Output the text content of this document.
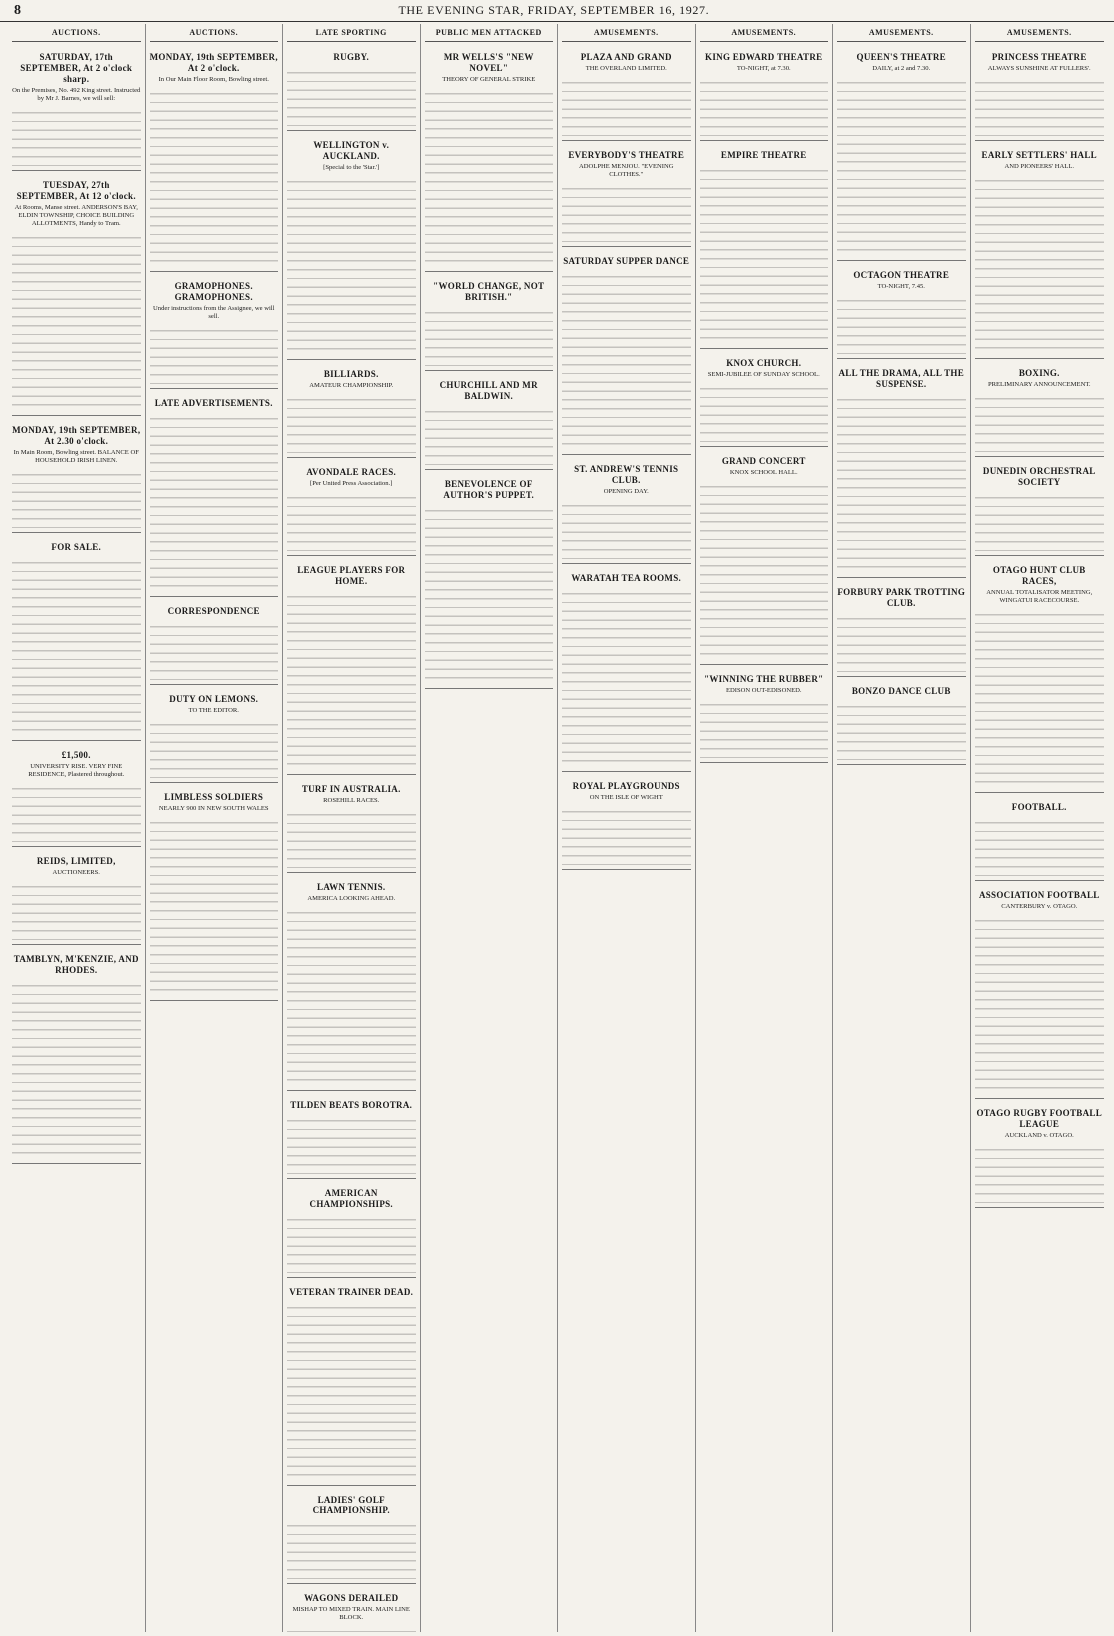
8	THE EVENING STAR, FRIDAY, SEPTEMBER 16, 1927.
AUCTIONS.
SATURDAY, 17th SEPTEMBER, At 2 o'clock sharp.
On the Premises, No. 492 King street. Instructed by Mr J. Barnes, we will sell:
TUESDAY, 27th SEPTEMBER, At 12 o'clock.
At Rooms, Manse street. ANDERSON'S BAY, ELDIN TOWNSHIP, CHOICE BUILDING ALLOTMENTS, Handy to Tram.
MONDAY, 19th SEPTEMBER, At 2.30 o'clock.
In Main Room, Bowling street. BALANCE OF HOUSEHOLD IRISH LINEN.
FOR SALE.
£1,500.
UNIVERSITY RISE. VERY FINE RESIDENCE, Plastered throughout.
REIDS, LIMITED,
AUCTIONEERS.
TAMBLYN, M'KENZIE, AND RHODES.
AUCTIONS.
MONDAY, 19th SEPTEMBER, At 2 o'clock.
In Our Main Floor Room, Bowling street.
GRAMOPHONES. GRAMOPHONES.
Under instructions from the Assignee, we will sell.
LATE ADVERTISEMENTS.
CORRESPONDENCE
DUTY ON LEMONS.
TO THE EDITOR.
LIMBLESS SOLDIERS
NEARLY 900 IN NEW SOUTH WALES
LATE SPORTING
RUGBY.
WELLINGTON v. AUCKLAND.
[Special to the 'Star.']
BILLIARDS.
AMATEUR CHAMPIONSHIP.
AVONDALE RACES.
[Per United Press Association.]
LEAGUE PLAYERS FOR HOME.
TURF IN AUSTRALIA.
ROSEHILL RACES.
LAWN TENNIS.
AMERICA LOOKING AHEAD.
TILDEN BEATS BOROTRA.
AMERICAN CHAMPIONSHIPS.
VETERAN TRAINER DEAD.
LADIES' GOLF CHAMPIONSHIP.
WAGONS DERAILED
MISHAP TO MIXED TRAIN. MAIN LINE BLOCK.
PUBLIC MEN ATTACKED
MR WELLS'S "NEW NOVEL"
THEORY OF GENERAL STRIKE
"WORLD CHANGE, NOT BRITISH."
CHURCHILL AND MR BALDWIN.
BENEVOLENCE OF AUTHOR'S PUPPET.
AMUSEMENTS.
PLAZA AND GRAND
THE OVERLAND LIMITED.
EVERYBODY'S THEATRE
ADOLPHE MENJOU. "EVENING CLOTHES."
SATURDAY SUPPER DANCE
ST. ANDREW'S TENNIS CLUB.
OPENING DAY.
WARATAH TEA ROOMS.
ROYAL PLAYGROUNDS
ON THE ISLE OF WIGHT
AMUSEMENTS.
KING EDWARD THEATRE
TO-NIGHT, at 7.30.
EMPIRE THEATRE
KNOX CHURCH.
SEMI-JUBILEE OF SUNDAY SCHOOL.
GRAND CONCERT
KNOX SCHOOL HALL.
"WINNING THE RUBBER"
EDISON OUT-EDISONED.
AMUSEMENTS.
QUEEN'S THEATRE
DAILY, at 2 and 7.30.
OCTAGON THEATRE
TO-NIGHT, 7.45.
ALL THE DRAMA, ALL THE SUSPENSE.
FORBURY PARK TROTTING CLUB.
BONZO DANCE CLUB
AMUSEMENTS.
PRINCESS THEATRE
ALWAYS SUNSHINE AT FULLERS'.
EARLY SETTLERS' HALL
AND PIONEERS' HALL.
BOXING.
PRELIMINARY ANNOUNCEMENT.
DUNEDIN ORCHESTRAL SOCIETY
OTAGO HUNT CLUB RACES,
ANNUAL TOTALISATOR MEETING, WINGATUI RACECOURSE.
FOOTBALL.
ASSOCIATION FOOTBALL
CANTERBURY v. OTAGO.
OTAGO RUGBY FOOTBALL LEAGUE
AUCKLAND v. OTAGO.
